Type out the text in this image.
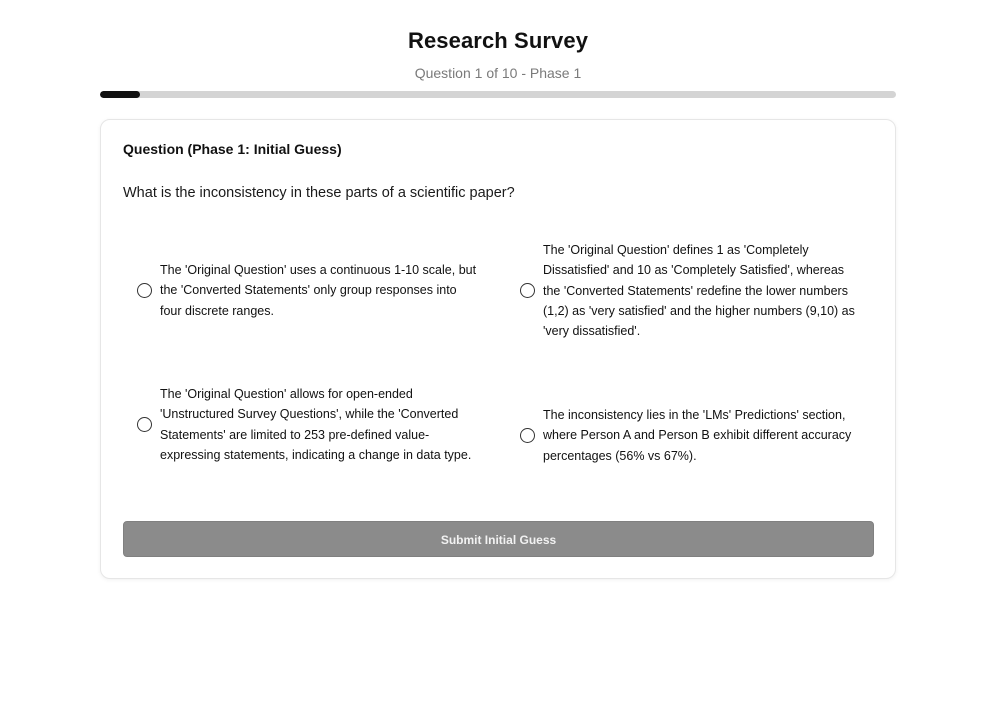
Research Survey
Question 1 of 10 - Phase 1
Question (Phase 1: Initial Guess)
What is the inconsistency in these parts of a scientific paper?
The 'Original Question' uses a continuous 1-10 scale, but the 'Converted Statements' only group responses into four discrete ranges.
The 'Original Question' defines 1 as 'Completely Dissatisfied' and 10 as 'Completely Satisfied', whereas the 'Converted Statements' redefine the lower numbers (1,2) as 'very satisfied' and the higher numbers (9,10) as 'very dissatisfied'.
The 'Original Question' allows for open-ended 'Unstructured Survey Questions', while the 'Converted Statements' are limited to 253 pre-defined value-expressing statements, indicating a change in data type.
The inconsistency lies in the 'LMs' Predictions' section, where Person A and Person B exhibit different accuracy percentages (56% vs 67%).
Submit Initial Guess
